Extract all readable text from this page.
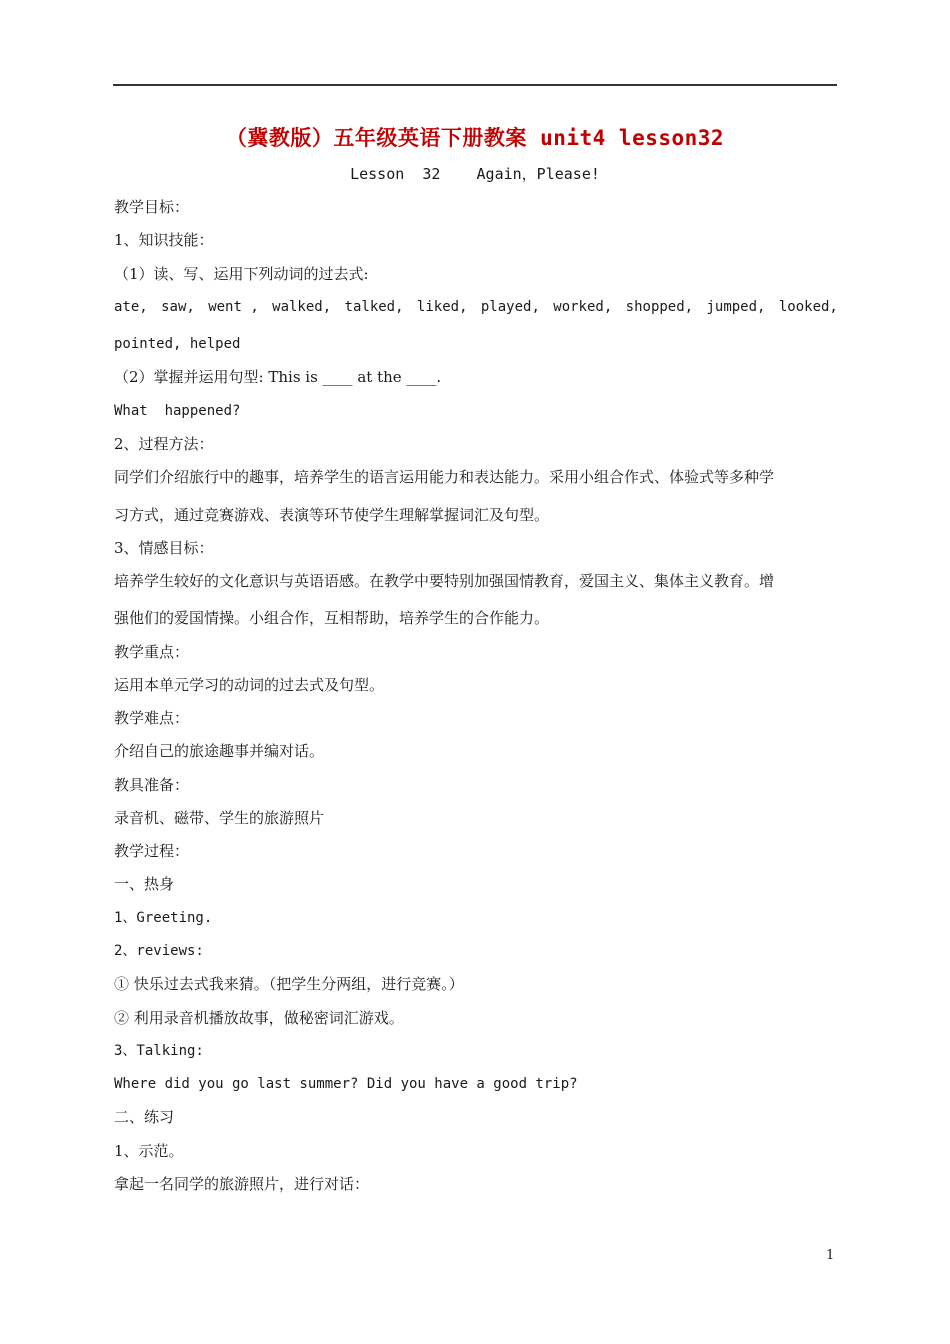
（冀教版）五年级英语下册教案 unit4 lesson32
Lesson  32    Again，Please!
教学目标：
1、知识技能：
（1）读、写、运用下列动词的过去式:
ate, saw, went , walked, talked, liked, played, worked, shopped, jumped, looked,
pointed, helped
（2）掌握并运用句型: This is ____ at the ____.
What  happened?
2、过程方法：
同学们介绍旅行中的趣事，培养学生的语言运用能力和表达能力。采用小组合作式、体验式等多种学
习方式，通过竞赛游戏、表演等环节使学生理解掌握词汇及句型。
3、情感目标：
培养学生较好的文化意识与英语语感。在教学中要特别加强国情教育，爱国主义、集体主义教育。增
强他们的爱国情操。小组合作，互相帮助，培养学生的合作能力。
教学重点：
运用本单元学习的动词的过去式及句型。
教学难点：
介绍自己的旅途趣事并编对话。
教具准备：
录音机、磁带、学生的旅游照片
教学过程：
一、热身
1、Greeting.
2、reviews:
① 快乐过去式我来猜。（把学生分两组，进行竞赛。）
② 利用录音机播放故事，做秘密词汇游戏。
3、Talking:
Where did you go last summer? Did you have a good trip?
二、练习
1、示范。
拿起一名同学的旅游照片，进行对话：
1
